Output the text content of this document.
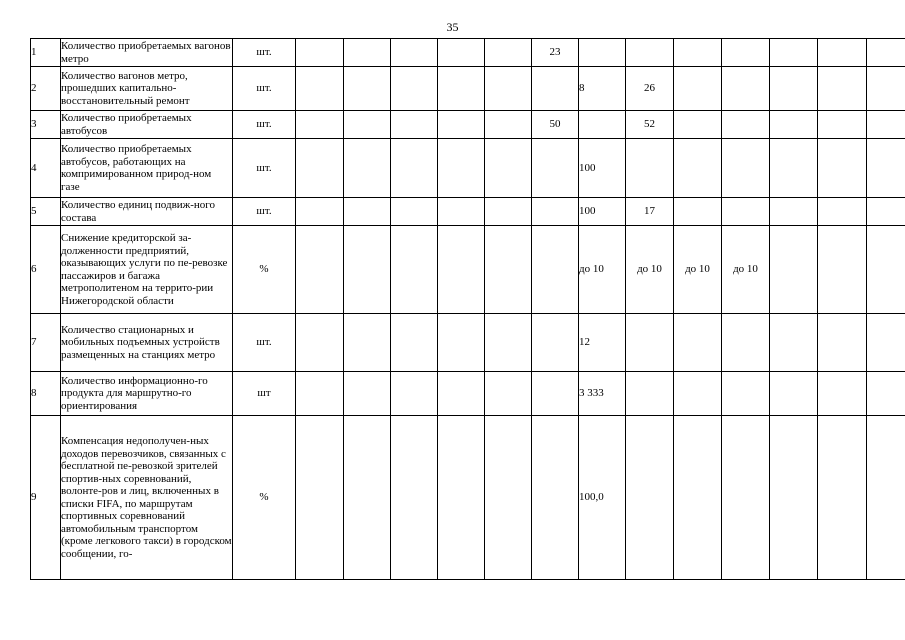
35
1	Количество приобретаемых вагонов метро	шт.						23							
2	Количество вагонов метро, прошедших капитально-восстановительный ремонт	шт.							8	26					
3	Количество приобретаемых автобусов	шт.						50		52					
4	Количество приобретаемых автобусов, работающих на компримированном природ-ном газе	шт.							100						
5	Количество единиц подвиж-ного состава	шт.							100	17					
6	Снижение кредиторской за-долженности предприятий, оказывающих услуги по пе-ревозке пассажиров и багажа метрополитеном на террито-рии Нижегородской области	%							до 10	до 10	до 10	до 10			
7	Количество стационарных и мобильных подъемных устройств размещенных на станциях метро	шт.							12						
8	Количество информационно-го продукта для маршрутно-го ориентирования	шт							3 333						
9	Компенсация недополучен-ных доходов перевозчиков, связанных с бесплатной пе-ревозкой зрителей спортив-ных соревнований, волонте-ров и лиц, включенных в списки FIFA, по маршрутам спортивных соревнований автомобильным транспортом (кроме легкового такси) в городском сообщении, го-	%							100,0						
